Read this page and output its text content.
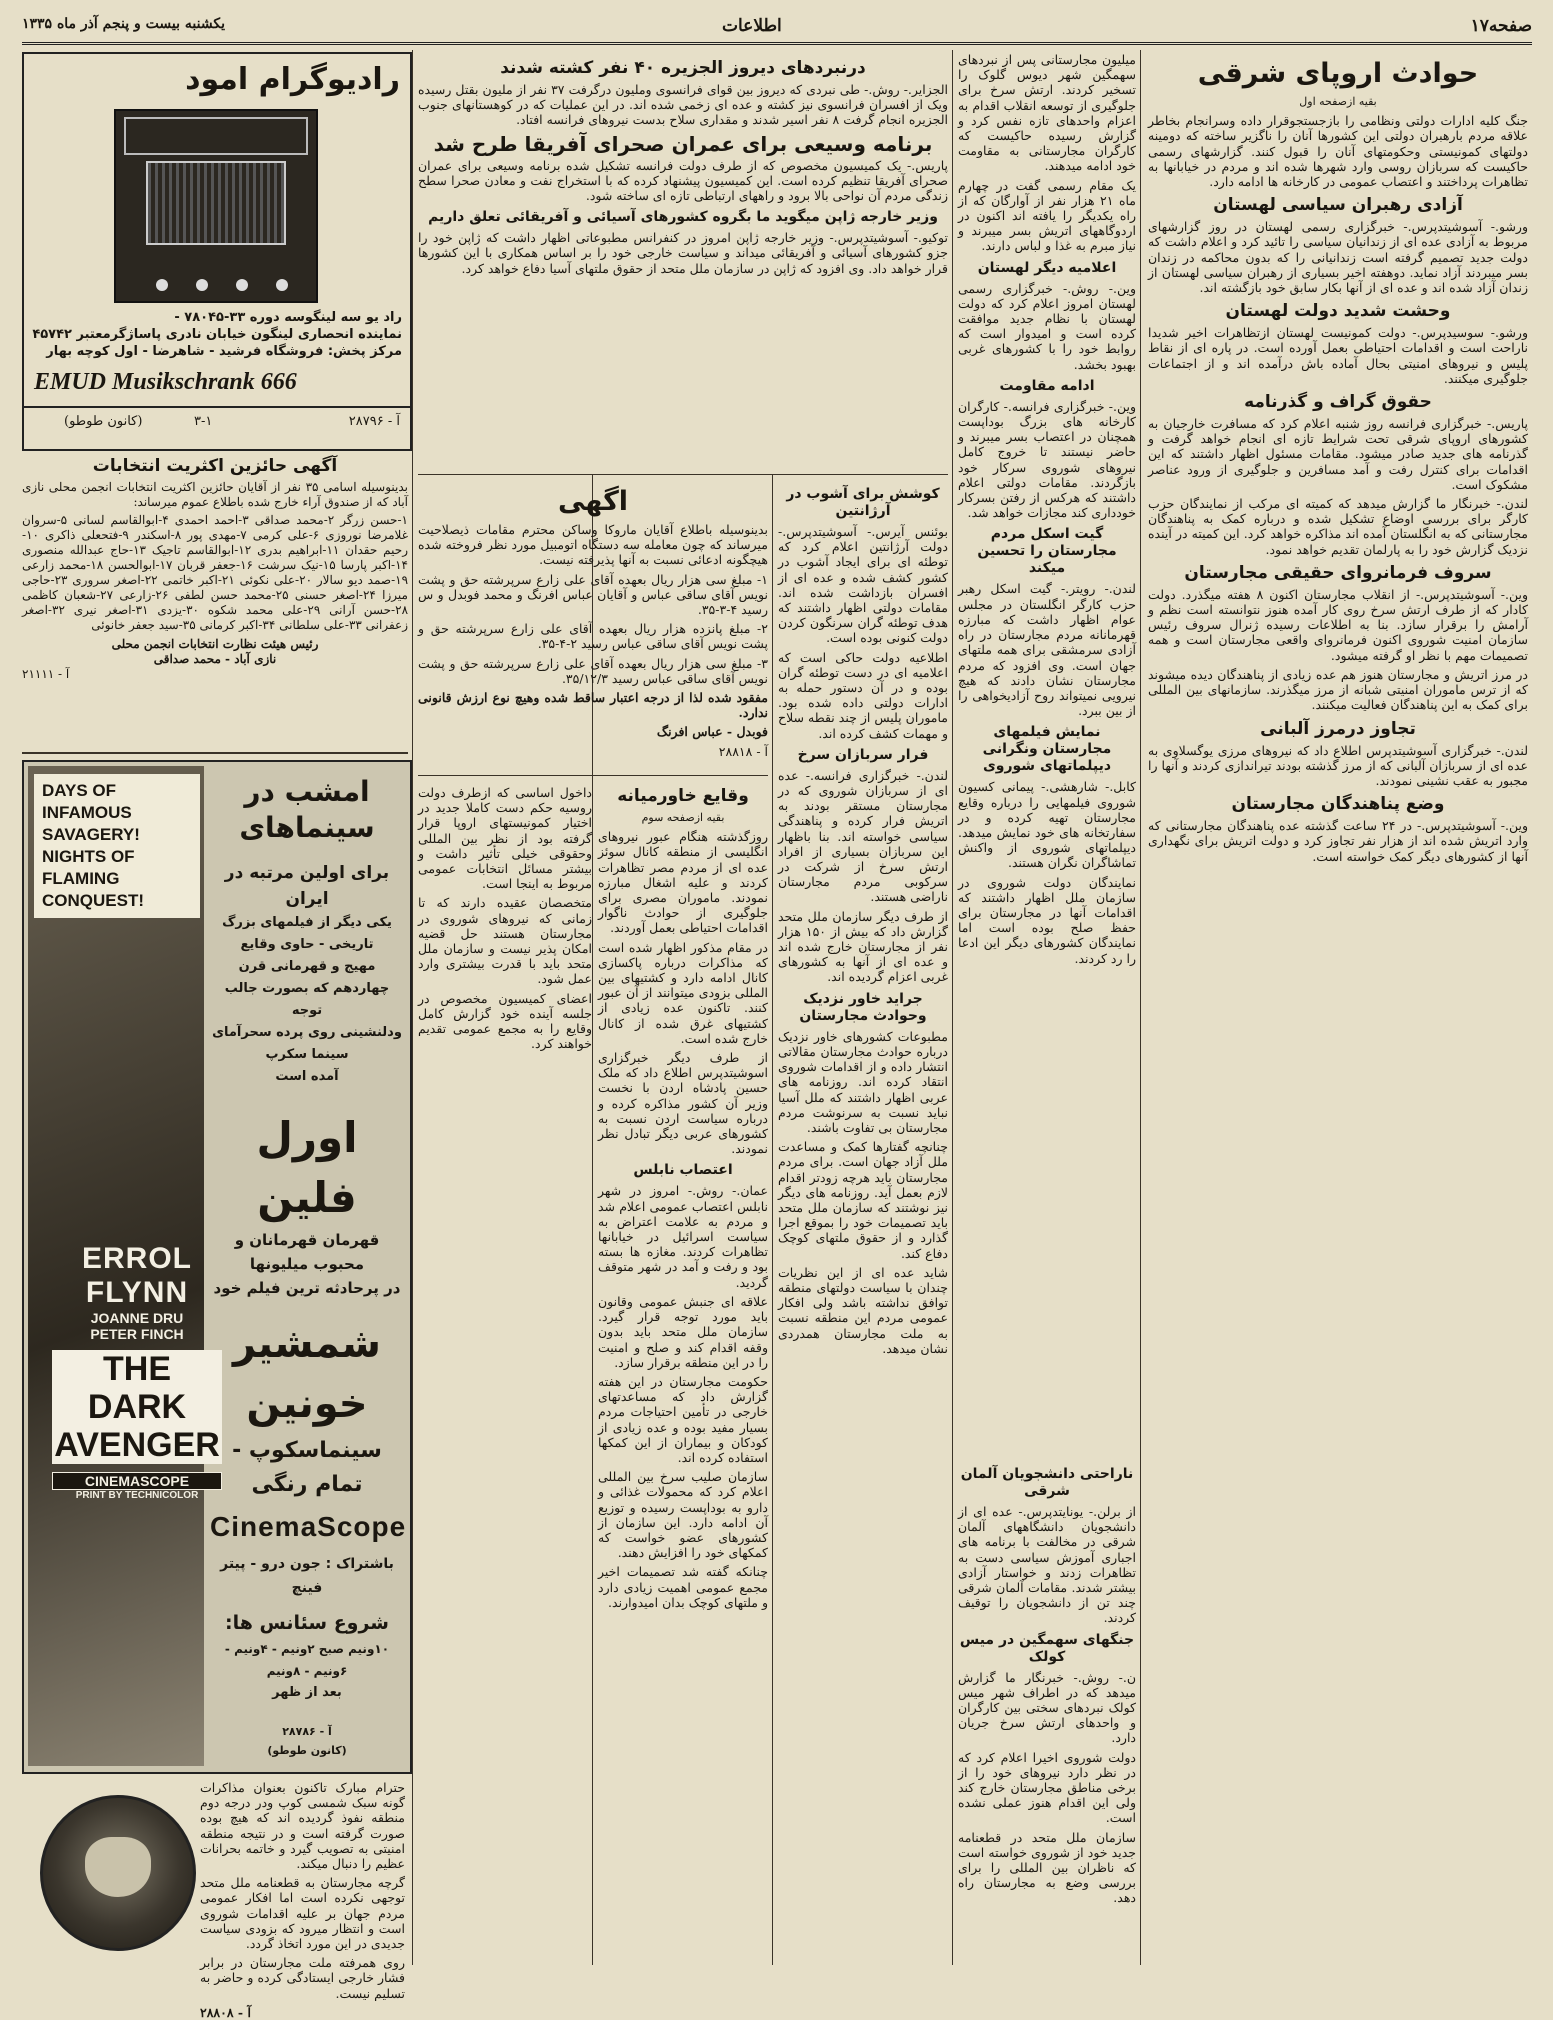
صفحه۱۷
اطلاعات
یکشنبه بیست و پنجم آذر ماه ۱۳۳۵
حوادث اروپای شرقی
بقیه ازصفحه اول

جنگ کلیه ادارات دولتی ونظامی را بازجستجوقرار داده وسرانجام بخاطر علاقه مردم بارهبران دولتی این کشورها آنان را ناگزیر ساخته که دومینه دولتهای کمونیستی وحکومتهای آنان را قبول کنند. گزارشهای رسمی حاکیست که سربازان روسی وارد شهرها شده اند و مردم در خیابانها به تظاهرات پرداختند و اعتصاب عمومی در کارخانه ها ادامه دارد.

آزادی رهبران سیاسی لهستان

ورشو.- آسوشیتدپرس.- خبرگزاری رسمی لهستان در روز گزارشهای مربوط به آزادی عده ای از زندانیان سیاسی را تائید کرد و اعلام داشت که دولت جدید تصمیم گرفته است زندانیانی را که بدون محاکمه در زندان بسر میبردند آزاد نماید. دوهفته اخیر بسیاری از رهبران سیاسی لهستان از زندان آزاد شده اند و عده ای از آنها بکار سابق خود بازگشته اند.

وحشت شدید دولت لهستان

ورشو.- سوسیدپرس.- دولت کمونیست لهستان ازتظاهرات اخیر شدیدا ناراحت است و اقدامات احتیاطی بعمل آورده است. در پاره ای از نقاط پلیس و نیروهای امنیتی بحال آماده باش درآمده اند و از اجتماعات جلوگیری میکنند.

حقوق گراف و گذرنامه

پاریس.- خبرگزاری فرانسه روز شنبه اعلام کرد که مسافرت خارجیان به کشورهای اروپای شرقی تحت شرایط تازه ای انجام خواهد گرفت و گذرنامه های جدید صادر میشود. مقامات مسئول اظهار داشتند که این اقدامات برای کنترل رفت و آمد مسافرین و جلوگیری از ورود عناصر مشکوک است.

لندن.- خبرنگار ما گزارش میدهد که کمیته ای مرکب از نمایندگان حزب کارگر برای بررسی اوضاع تشکیل شده و درباره کمک به پناهندگان مجارستانی که به انگلستان آمده اند مذاکره خواهد کرد. این کمیته در آینده نزدیک گزارش خود را به پارلمان تقدیم خواهد نمود.

سروف فرمانروای حقیقی مجارستان

وین.- آسوشیتدپرس.- از انقلاب مجارستان اکنون ۸ هفته میگذرد. دولت کادار که از طرف ارتش سرخ روی کار آمده هنوز نتوانسته است نظم و آرامش را برقرار سازد. بنا به اطلاعات رسیده ژنرال سروف رئیس سازمان امنیت شوروی اکنون فرمانروای واقعی مجارستان است و همه تصمیمات مهم با نظر او گرفته میشود.

در مرز اتریش و مجارستان هنوز هم عده زیادی از پناهندگان دیده میشوند که از ترس ماموران امنیتی شبانه از مرز میگذرند. سازمانهای بین المللی برای کمک به این پناهندگان فعالیت میکنند.

تجاوز درمرز آلبانی

لندن.- خبرگزاری آسوشیتدپرس اطلاع داد که نیروهای مرزی یوگسلاوی به عده ای از سربازان آلبانی که از مرز گذشته بودند تیراندازی کردند و آنها را مجبور به عقب نشینی نمودند.

وضع پناهندگان مجارستان

وین.- آسوشیتدپرس.- در ۲۴ ساعت گذشته عده پناهندگان مجارستانی که وارد اتریش شده اند از هزار نفر تجاوز کرد و دولت اتریش برای نگهداری آنها از کشورهای دیگر کمک خواسته است.

میلیون مجارستانی پس از نبردهای سهمگین شهر دیوس گلوک را تسخیر کردند. ارتش سرخ برای جلوگیری از توسعه انقلاب اقدام به اعزام واحدهای تازه نفس کرد و گزارش رسیده حاکیست که کارگران مجارستانی به مقاومت خود ادامه میدهند.

یک مقام رسمی گفت در چهارم ماه ۲۱ هزار نفر از آوارگان که از راه یکدیگر را یافته اند اکنون در اردوگاههای اتریش بسر میبرند و نیاز مبرم به غذا و لباس دارند.

اعلامیه دیگر لهستان

وین.- روش.- خبرگزاری رسمی لهستان امروز اعلام کرد که دولت لهستان با نظام جدید موافقت کرده است و امیدوار است که روابط خود را با کشورهای غربی بهبود بخشد.

ادامه مقاومت

وین.- خبرگزاری فرانسه.- کارگران کارخانه های بزرگ بوداپست همچنان در اعتصاب بسر میبرند و حاضر نیستند تا خروج کامل نیروهای شوروی سرکار خود بازگردند. مقامات دولتی اعلام داشتند که هرکس از رفتن بسرکار خودداری کند مجازات خواهد شد.

گیت اسکل مردم مجارستان را تحسین میکند

لندن.- رویتر.- گیت اسکل رهبر حزب کارگر انگلستان در مجلس عوام اظهار داشت که مبارزه قهرمانانه مردم مجارستان در راه آزادی سرمشقی برای همه ملتهای جهان است. وی افزود که مردم مجارستان نشان دادند که هیچ نیرویی نمیتواند روح آزادیخواهی را از بین ببرد.

نمایش فیلمهای مجارستان ونگرانی دیپلماتهای شوروی

کابل.- شارهشی.- پیمانی کسیون شوروی فیلمهایی را درباره وقایع مجارستان تهیه کرده و در سفارتخانه های خود نمایش میدهد. دیپلماتهای شوروی از واکنش تماشاگران نگران هستند.

نمایندگان دولت شوروی در سازمان ملل اظهار داشتند که اقدامات آنها در مجارستان برای حفظ صلح بوده است اما نمایندگان کشورهای دیگر این ادعا را رد کردند.

ناراحتی دانشجویان آلمان شرقی

از برلن.- یونایتدپرس.- عده ای از دانشجویان دانشگاههای آلمان شرقی در مخالفت با برنامه های اجباری آموزش سیاسی دست به تظاهرات زدند و خواستار آزادی بیشتر شدند. مقامات آلمان شرقی چند تن از دانشجویان را توقیف کردند.

جنگهای سهمگین در میس کولک

ن.- روش.- خبرنگار ما گزارش میدهد که در اطراف شهر میس کولک نبردهای سختی بین کارگران و واحدهای ارتش سرخ جریان دارد.

دولت شوروی اخیرا اعلام کرد که در نظر دارد نیروهای خود را از برخی مناطق مجارستان خارج کند ولی این اقدام هنوز عملی نشده است.

سازمان ملل متحد در قطعنامه جدید خود از شوروی خواسته است که ناظران بین المللی را برای بررسی وضع به مجارستان راه دهد.

درنبردهای دیروز الجزیره ۴۰ نفر کشته شدند

الجزایر.- روش.- طی نبردی که دیروز بین قوای فرانسوی وملیون درگرفت ۳۷ نفر از ملیون بقتل رسیده ویک از افسران فرانسوی نیز کشته و عده ای زخمی شده اند. در این عملیات که در کوهستانهای جنوب الجزیره انجام گرفت ۸ نفر اسیر شدند و مقداری سلاح بدست نیروهای فرانسه افتاد.

برنامه وسیعی برای عمران صحرای آفریقا طرح شد

پاریس.- یک کمیسیون مخصوص که از طرف دولت فرانسه تشکیل شده برنامه وسیعی برای عمران صحرای آفریقا تنظیم کرده است. این کمیسیون پیشنهاد کرده که با استخراج نفت و معادن صحرا سطح زندگی مردم آن نواحی بالا برود و راههای ارتباطی تازه ای ساخته شود.

وزیر خارجه ژاپن میگوید ما بگروه کشورهای آسیائی و آفریقائی تعلق داریم

توکیو.- آسوشیتدپرس.- وزیر خارجه ژاپن امروز در کنفرانس مطبوعاتی اظهار داشت که ژاپن خود را جزو کشورهای آسیائی و آفریقائی میداند و سیاست خارجی خود را بر اساس همکاری با این کشورها قرار خواهد داد. وی افزود که ژاپن در سازمان ملل متحد از حقوق ملتهای آسیا دفاع خواهد کرد.

اگهی

بدینوسیله باطلاع آقایان ماروکا وساکن محترم مقامات ذیصلاحیت میرساند که چون معامله سه دستگاه اتومبیل مورد نظر فروخته شده هیچگونه ادعائی نسبت به آنها پذیرفته نیست.

۱- مبلغ سی هزار ریال بعهده آقای علی زارع سرپرشته حق و پشت نویس آقای ساقی عباس و آقایان عباس افرنگ و محمد فوبدل و س رسید ۴-۳-۳۵.

۲- مبلغ پانزده هزار ریال بعهده آقای علی زارع سرپرشته حق و پشت نویس آقای ساقی عباس رسید ۲-۴-۳۵.

۳- مبلغ سی هزار ریال بعهده آقای علی زارع سرپرشته حق و پشت نویس آقای ساقی عباس رسید ۳۵/۱۲/۳.

مفقود شده لذا از درجه اعتبار ساقط شده وهیچ نوع ارزش قانونی ندارد.

فوبدل - عباس افرنگ

آ - ۲۸۸۱۸

کوشش برای آشوب در آرژانتین

بوئنس آیرس.- آسوشیتدپرس.- دولت آرژانتین اعلام کرد که توطئه ای برای ایجاد آشوب در کشور کشف شده و عده ای از افسران بازداشت شده اند. مقامات دولتی اظهار داشتند که هدف توطئه گران سرنگون کردن دولت کنونی بوده است.

اطلاعیه دولت حاکی است که اعلامیه ای در دست توطئه گران بوده و در آن دستور حمله به ادارات دولتی داده شده بود. ماموران پلیس از چند نقطه سلاح و مهمات کشف کرده اند.

فرار سربازان سرخ

لندن.- خبرگزاری فرانسه.- عده ای از سربازان شوروی که در مجارستان مستقر بودند به اتریش فرار کرده و پناهندگی سیاسی خواسته اند. بنا باظهار این سربازان بسیاری از افراد ارتش سرخ از شرکت در سرکوبی مردم مجارستان ناراضی هستند.

از طرف دیگر سازمان ملل متحد گزارش داد که بیش از ۱۵۰ هزار نفر از مجارستان خارج شده اند و عده ای از آنها به کشورهای غربی اعزام گردیده اند.

جراید خاور نزدیک وحوادث مجارستان

مطبوعات کشورهای خاور نزدیک درباره حوادث مجارستان مقالاتی انتشار داده و از اقدامات شوروی انتقاد کرده اند. روزنامه های عربی اظهار داشتند که ملل آسیا نباید نسبت به سرنوشت مردم مجارستان بی تفاوت باشند.

چنانچه گفتارها کمک و مساعدت ملل آزاد جهان است. برای مردم مجارستان باید هرچه زودتر اقدام لازم بعمل آید. روزنامه های دیگر نیز نوشتند که سازمان ملل متحد باید تصمیمات خود را بموقع اجرا گذارد و از حقوق ملتهای کوچک دفاع کند.

شاید عده ای از این نظریات چندان با سیاست دولتهای منطقه توافق نداشته باشد ولی افکار عمومی مردم این منطقه نسبت به ملت مجارستان همدردی نشان میدهد.

وقایع خاورمیانه
بقیه ازصفحه سوم

روزگذشته هنگام عبور نیروهای انگلیسی از منطقه کانال سوئز عده ای از مردم مصر تظاهرات کردند و علیه اشغال مبارزه نمودند. ماموران مصری برای جلوگیری از حوادث ناگوار اقدامات احتیاطی بعمل آوردند.

در مقام مذکور اظهار شده است که مذاکرات درباره پاکسازی کانال ادامه دارد و کشتیهای بین المللی بزودی میتوانند از آن عبور کنند. تاکنون عده زیادی از کشتیهای غرق شده از کانال خارج شده است.

از طرف دیگر خبرگزاری اسوشیتدپرس اطلاع داد که ملک حسین پادشاه اردن با نخست وزیر آن کشور مذاکره کرده و درباره سیاست اردن نسبت به کشورهای عربی دیگر تبادل نظر نمودند.

اعتصاب نابلس

عمان.- روش.- امروز در شهر نابلس اعتصاب عمومی اعلام شد و مردم به علامت اعتراض به سیاست اسرائیل در خیابانها تظاهرات کردند. مغازه ها بسته بود و رفت و آمد در شهر متوقف گردید.

علاقه ای جنبش عمومی وقانون باید مورد توجه قرار گیرد. سازمان ملل متحد باید بدون وقفه اقدام کند و صلح و امنیت را در این منطقه برقرار سازد.

حکومت مجارستان در این هفته گزارش داد که مساعدتهای خارجی در تأمین احتیاجات مردم بسیار مفید بوده و عده زیادی از کودکان و بیماران از این کمکها استفاده کرده اند.

سازمان صلیب سرخ بین المللی اعلام کرد که محمولات غذائی و دارو به بوداپست رسیده و توزیع آن ادامه دارد. این سازمان از کشورهای عضو خواست که کمکهای خود را افزایش دهند.

چنانکه گفته شد تصمیمات اخیر مجمع عمومی اهمیت زیادی دارد و ملتهای کوچک بدان امیدوارند.

داخول اساسی که ازطرف دولت روسیه حکم دست کاملا جدید در اختیار کمونیستهای اروپا قرار گرفته بود از نظر بین المللی وحقوقی خیلی تأثیر داشت و بیشتر مسائل انتخابات عمومی مربوط به اینجا است.

متخصصان عقیده دارند که تا زمانی که نیروهای شوروی در مجارستان هستند حل قضیه امکان پذیر نیست و سازمان ملل متحد باید با قدرت بیشتری وارد عمل شود.

اعضای کمیسیون مخصوص در جلسه آینده خود گزارش کامل وقایع را به مجمع عمومی تقدیم خواهند کرد.

رادیوگرام امود
راد یو سه لینگوسه دوره ۳۳-۷۸۰۴۵ -
نماینده انحصاری لینگون خیابان نادری پاساژگرمعتبر ۴۵۷۴۲
مرکز پخش: فروشگاه فرشید - شاهرضا - اول کوچه بهار
EMUD Musikschrank 666
آ - ۲۸۷۹۶
۳-۱
(کانون طوطو)
آگهی حائزین اکثریت انتخابات
بدینوسیله اسامی ۳۵ نفر از آقایان حائزین اکثریت انتخابات انجمن محلی نازی آباد که از صندوق آراء خارج شده باطلاع عموم میرساند:
۱-حسن زرگر ۲-محمد صداقی ۳-احمد احمدی ۴-ابوالقاسم لسانی ۵-سروان غلامرضا نوروزی ۶-علی کرمی ۷-مهدی پور ۸-اسکندر ۹-فتحعلی ذاکری ۱۰-رحیم حقدان ۱۱-ابراهیم بدری ۱۲-ابوالقاسم تاجیک ۱۳-حاج عبدالله منصوری ۱۴-اکبر پارسا ۱۵-نیک سرشت ۱۶-جعفر قربان ۱۷-ابوالحسن ۱۸-محمد زارعی ۱۹-صمد دیو سالار ۲۰-علی نکوئی ۲۱-اکبر خاتمی ۲۲-اصغر سروری ۲۳-حاجی میرزا ۲۴-اصغر حسنی ۲۵-محمد حسن لطفی ۲۶-زارعی ۲۷-شعبان کاظمی ۲۸-حسن آرانی ۲۹-علی محمد شکوه ۳۰-یزدی ۳۱-اصغر نیری ۳۲-اصغر زعفرانی ۳۳-علی سلطانی ۳۴-اکبر کرمانی ۳۵-سید جعفر خانوئی
رئیس هیئت نظارت انتخابات انجمن محلی
نازی آباد - محمد صداقی
آ - ۲۱۱۱۱
DAYS OF INFAMOUS SAVAGERY! NIGHTS OF FLAMING CONQUEST!
ERROL FLYNN
JOANNE DRU
PETER FINCH
THE DARK AVENGER
CINEMASCOPE
PRINT BY TECHNICOLOR
امشب در سینماهای
برای اولین مرتبه در ایران
یکی دیگر از فیلمهای بزرگ تاریخی - حاوی وقایع
مهیج و قهرمانی قرن چهاردهم که بصورت جالب توجه
ودلنشینی روی پرده سحرآمای سینما سکرپ
آمده است
اورل فلین
قهرمان قهرمانان و محبوب میلیونها
در پرحادثه ترین فیلم خود
شمشیر خونین
سینماسکوپ - تمام رنگی
CinemaScope
باشتراک : جون درو - پیتر فینچ
شروع سئانس ها:
۱۰ونیم صبح ۲ونیم - ۴ونیم - ۶ونیم - ۸ونیم
بعد از ظهر
آ - ۲۸۷۸۶
(کانون طوطو)

حترام مبارک تاکنون بعنوان مذاکرات گونه سبک شمسی کوپ ودر درجه دوم منطقه نفوذ گردیده اند که هیچ بوده صورت گرفته است و در نتیجه منطقه امنیتی به تصویب گیرد و خاتمه بحرانات عظیم را دنبال میکند.

گرچه مجارستان به قطعنامه ملل متحد توجهی نکرده است اما افکار عمومی مردم جهان بر علیه اقدامات شوروی است و انتظار میرود که بزودی سیاست جدیدی در این مورد اتخاذ گردد.

روی همرفته ملت مجارستان در برابر فشار خارجی ایستادگی کرده و حاضر به تسلیم نیست.

آ - ۲۸۸۰۸
